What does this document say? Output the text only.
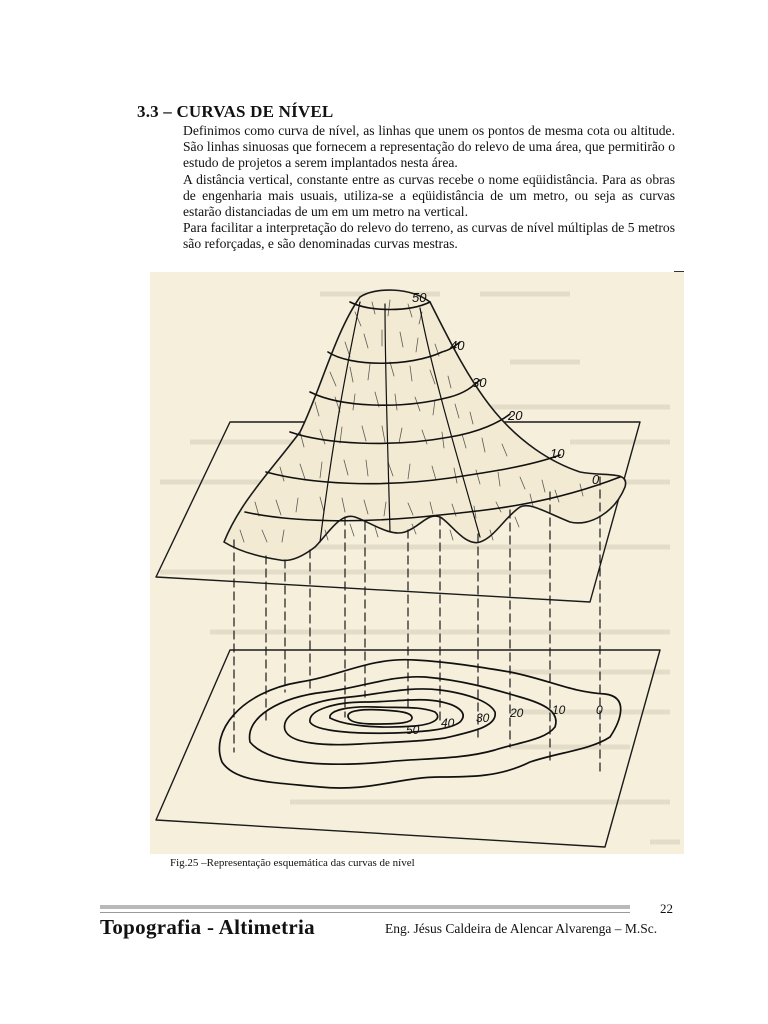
3.3 – CURVAS DE NÍVEL

Definimos como curva de nível, as linhas que unem os pontos de mesma cota ou altitude. São linhas sinuosas que fornecem a representação do relevo de uma área, que permitirão o estudo de projetos a serem implantados nesta área.

A distância vertical, constante entre as curvas recebe o nome eqüidistância. Para as obras de engenharia mais usuais, utiliza-se a eqüidistância de um metro, ou seja as curvas estarão distanciadas de um em um metro na vertical.

Para facilitar a interpretação do relevo do terreno, as curvas de nível múltiplas de 5 metros são reforçadas, e são denominadas curvas mestras.

50
40
30
20
10
0
50 40 30 20 10	0
Fig.25 –Representação esquemática das curvas de nível
22
Topografia - Altimetria	Eng. Jésus Caldeira de Alencar Alvarenga – M.Sc.
